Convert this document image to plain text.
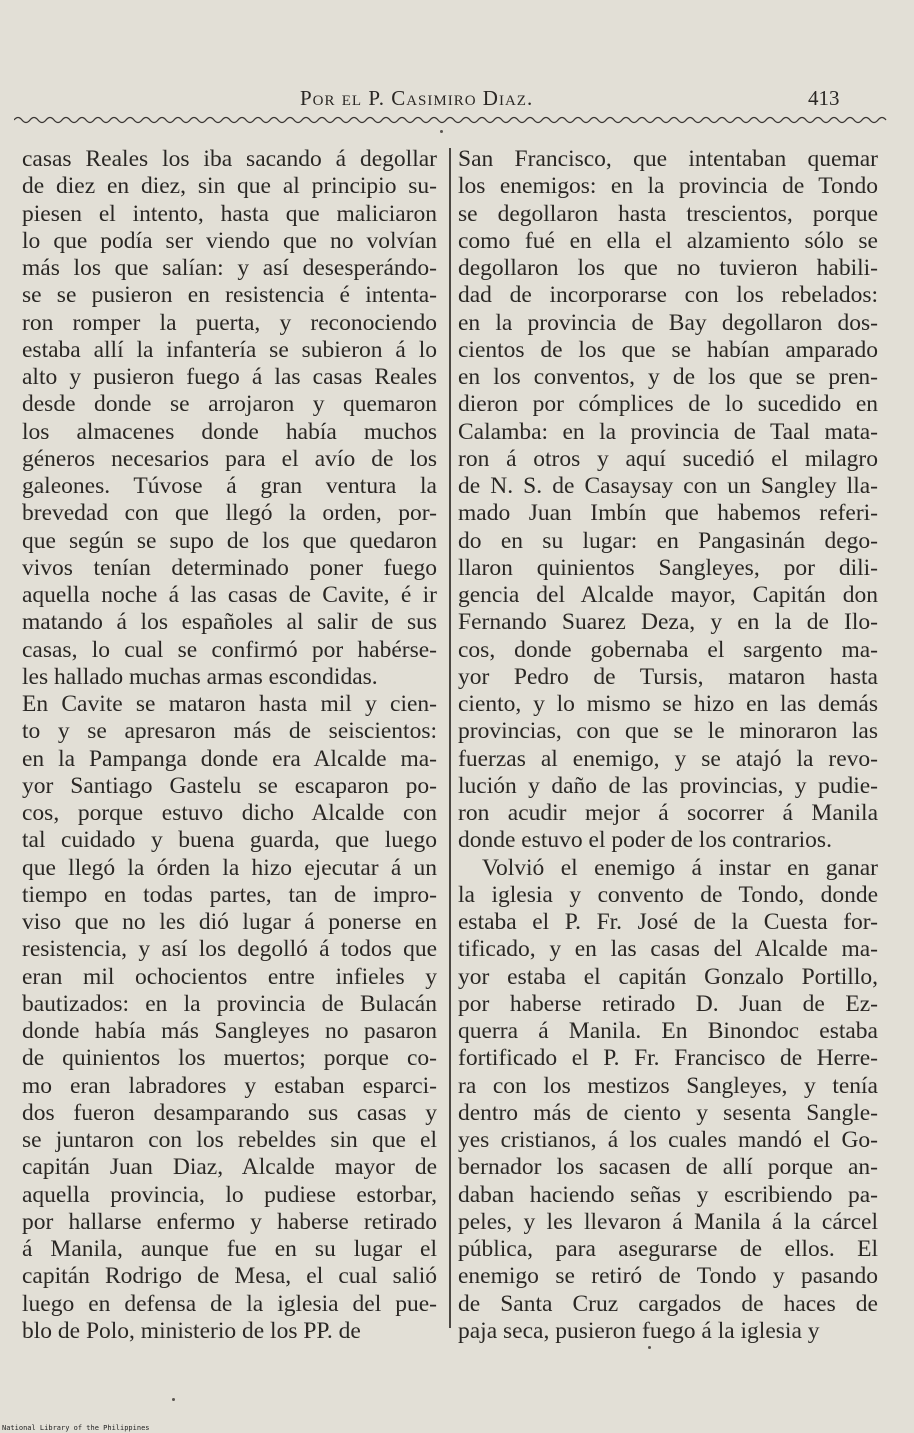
Por el P. Casimiro Diaz.	413
casas Reales los iba sacando á degollar
de diez en diez, sin que al principio su-
piesen el intento, hasta que maliciaron
lo que podía ser viendo que no volvían
más los que salían: y así desesperándo-
se se pusieron en resistencia é intenta-
ron romper la puerta, y reconociendo
estaba allí la infantería se subieron á lo
alto y pusieron fuego á las casas Reales
desde donde se arrojaron y quemaron
los almacenes donde había muchos
géneros necesarios para el avío de los
galeones. Túvose á gran ventura la
brevedad con que llegó la orden, por-
que según se supo de los que quedaron
vivos tenían determinado poner fuego
aquella noche á las casas de Cavite, é ir
matando á los españoles al salir de sus
casas, lo cual se confirmó por habérse-
les hallado muchas armas escondidas.
En Cavite se mataron hasta mil y cien-
to y se apresaron más de seiscientos:
en la Pampanga donde era Alcalde ma-
yor Santiago Gastelu se escaparon po-
cos, porque estuvo dicho Alcalde con
tal cuidado y buena guarda, que luego
que llegó la órden la hizo ejecutar á un
tiempo en todas partes, tan de impro-
viso que no les dió lugar á ponerse en
resistencia, y así los degolló á todos que
eran mil ochocientos entre infieles y
bautizados: en la provincia de Bulacán
donde había más Sangleyes no pasaron
de quinientos los muertos; porque co-
mo eran labradores y estaban esparci-
dos fueron desamparando sus casas y
se juntaron con los rebeldes sin que el
capitán Juan Diaz, Alcalde mayor de
aquella provincia, lo pudiese estorbar,
por hallarse enfermo y haberse retirado
á Manila, aunque fue en su lugar el
capitán Rodrigo de Mesa, el cual salió
luego en defensa de la iglesia del pue-
blo de Polo, ministerio de los PP. de
San Francisco, que intentaban quemar
los enemigos: en la provincia de Tondo
se degollaron hasta trescientos, porque
como fué en ella el alzamiento sólo se
degollaron los que no tuvieron habili-
dad de incorporarse con los rebelados:
en la provincia de Bay degollaron dos-
cientos de los que se habían amparado
en los conventos, y de los que se pren-
dieron por cómplices de lo sucedido en
Calamba: en la provincia de Taal mata-
ron á otros y aquí sucedió el milagro
de N. S. de Casaysay con un Sangley lla-
mado Juan Imbín que habemos referi-
do en su lugar: en Pangasinán dego-
llaron quinientos Sangleyes, por dili-
gencia del Alcalde mayor, Capitán don
Fernando Suarez Deza, y en la de Ilo-
cos, donde gobernaba el sargento ma-
yor Pedro de Tursis, mataron hasta
ciento, y lo mismo se hizo en las demás
provincias, con que se le minoraron las
fuerzas al enemigo, y se atajó la revo-
lución y daño de las provincias, y pudie-
ron acudir mejor á socorrer á Manila
donde estuvo el poder de los contrarios.
Volvió el enemigo á instar en ganar
la iglesia y convento de Tondo, donde
estaba el P. Fr. José de la Cuesta for-
tificado, y en las casas del Alcalde ma-
yor estaba el capitán Gonzalo Portillo,
por haberse retirado D. Juan de Ez-
querra á Manila. En Binondoc estaba
fortificado el P. Fr. Francisco de Herre-
ra con los mestizos Sangleyes, y tenía
dentro más de ciento y sesenta Sangle-
yes cristianos, á los cuales mandó el Go-
bernador los sacasen de allí porque an-
daban haciendo señas y escribiendo pa-
peles, y les llevaron á Manila á la cárcel
pública, para asegurarse de ellos. El
enemigo se retiró de Tondo y pasando
de Santa Cruz cargados de haces de
paja seca, pusieron fuego á la iglesia y
National Library of the Philippines
